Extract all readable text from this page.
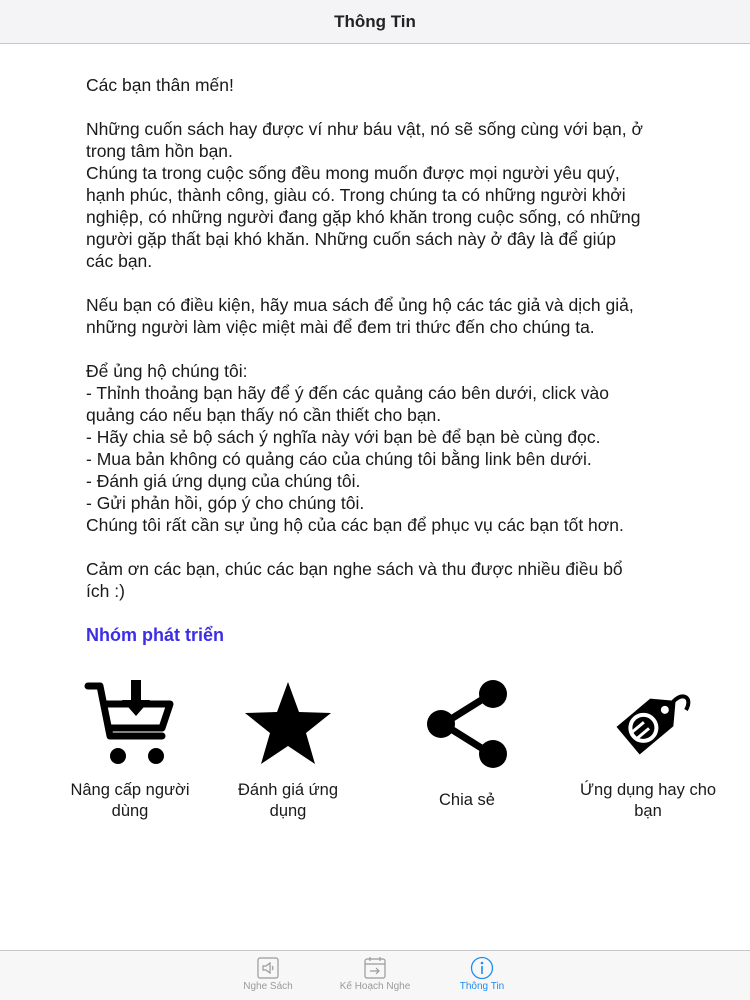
Thông Tin
Các bạn thân mến!
Những cuốn sách hay được ví như báu vật, nó sẽ sống cùng với bạn, ở
trong tâm hồn bạn.
Chúng ta trong cuộc sống đều mong muốn được mọi người yêu quý,
hạnh phúc, thành công, giàu có. Trong chúng ta có những người khởi
nghiệp, có những người đang gặp khó khăn trong cuộc sống, có những
người gặp thất bại khó khăn. Những cuốn sách này ở đây là để giúp
các bạn.
Nếu bạn có điều kiện, hãy mua sách để ủng hộ các tác giả và dịch giả,
những người làm việc miệt mài để đem tri thức đến cho chúng ta.
Để ủng hộ chúng tôi:
- Thỉnh thoảng bạn hãy để ý đến các quảng cáo bên dưới, click vào
quảng cáo nếu bạn thấy nó cần thiết cho bạn.
- Hãy chia sẻ bộ sách ý nghĩa này với bạn bè để bạn bè cùng đọc.
- Mua bản không có quảng cáo của chúng tôi bằng link bên dưới.
- Đánh giá ứng dụng của chúng tôi.
- Gửi phản hồi, góp ý cho chúng tôi.
Chúng tôi rất cần sự ủng hộ của các bạn để phục vụ các bạn tốt hơn.
Cảm ơn các bạn, chúc các bạn nghe sách và thu được nhiều điều bổ
ích :)
Nhóm phát triển
Nâng cấp người dùng
Đánh giá ứng dụng
Chia sẻ
Ứng dụng hay cho bạn
Nghe Sách	Kế Hoạch Nghe	Thông Tin
